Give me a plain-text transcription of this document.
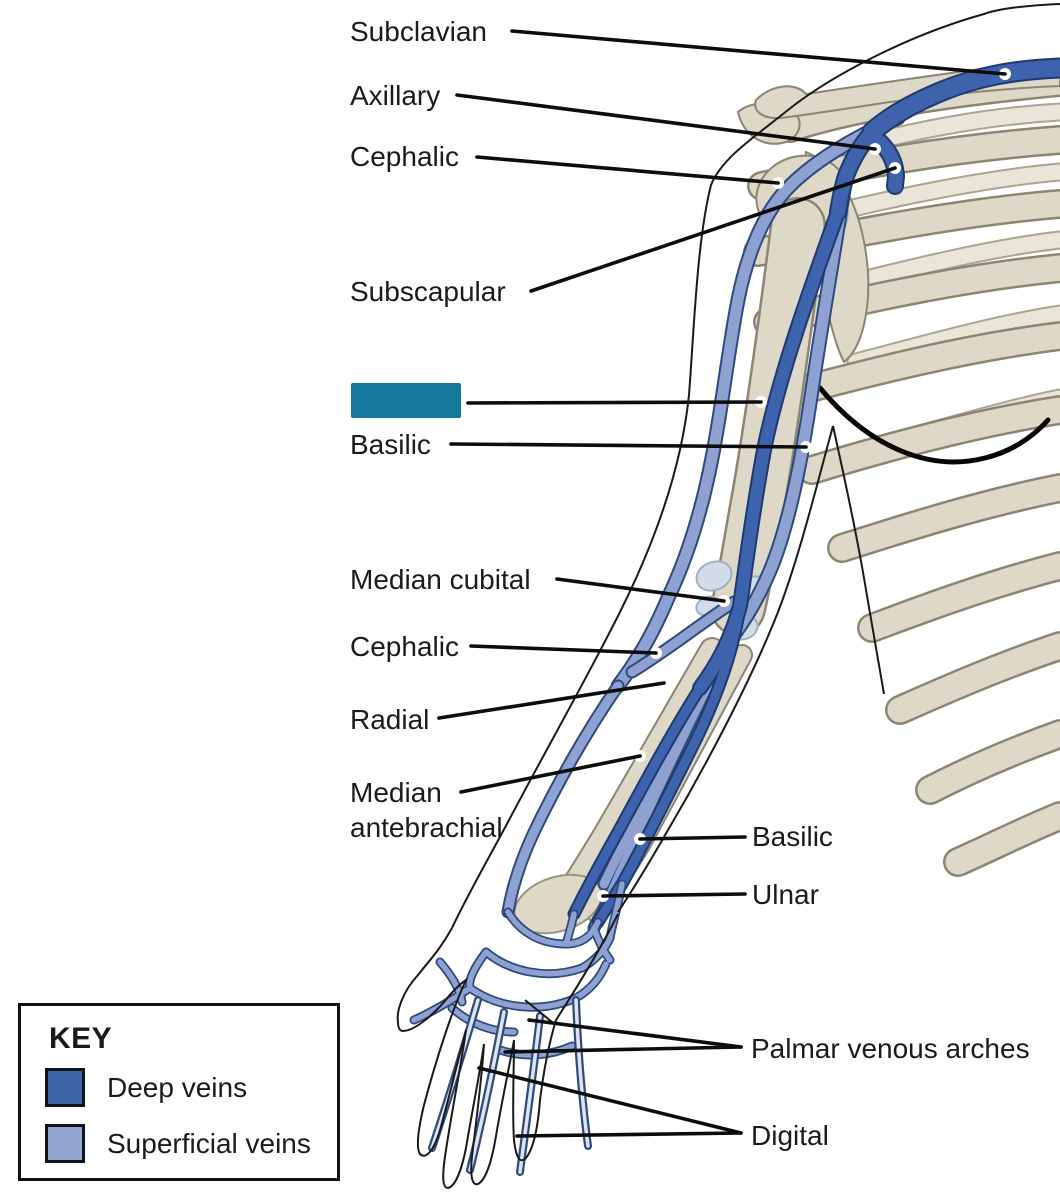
Subclavian
Axillary
Cephalic
Subscapular
Basilic
Median cubital
Cephalic
Radial
Median antebrachial	Basilic
Ulnar
Palmar venous arches
Digital
KEY
Deep veins
Superficial veins
